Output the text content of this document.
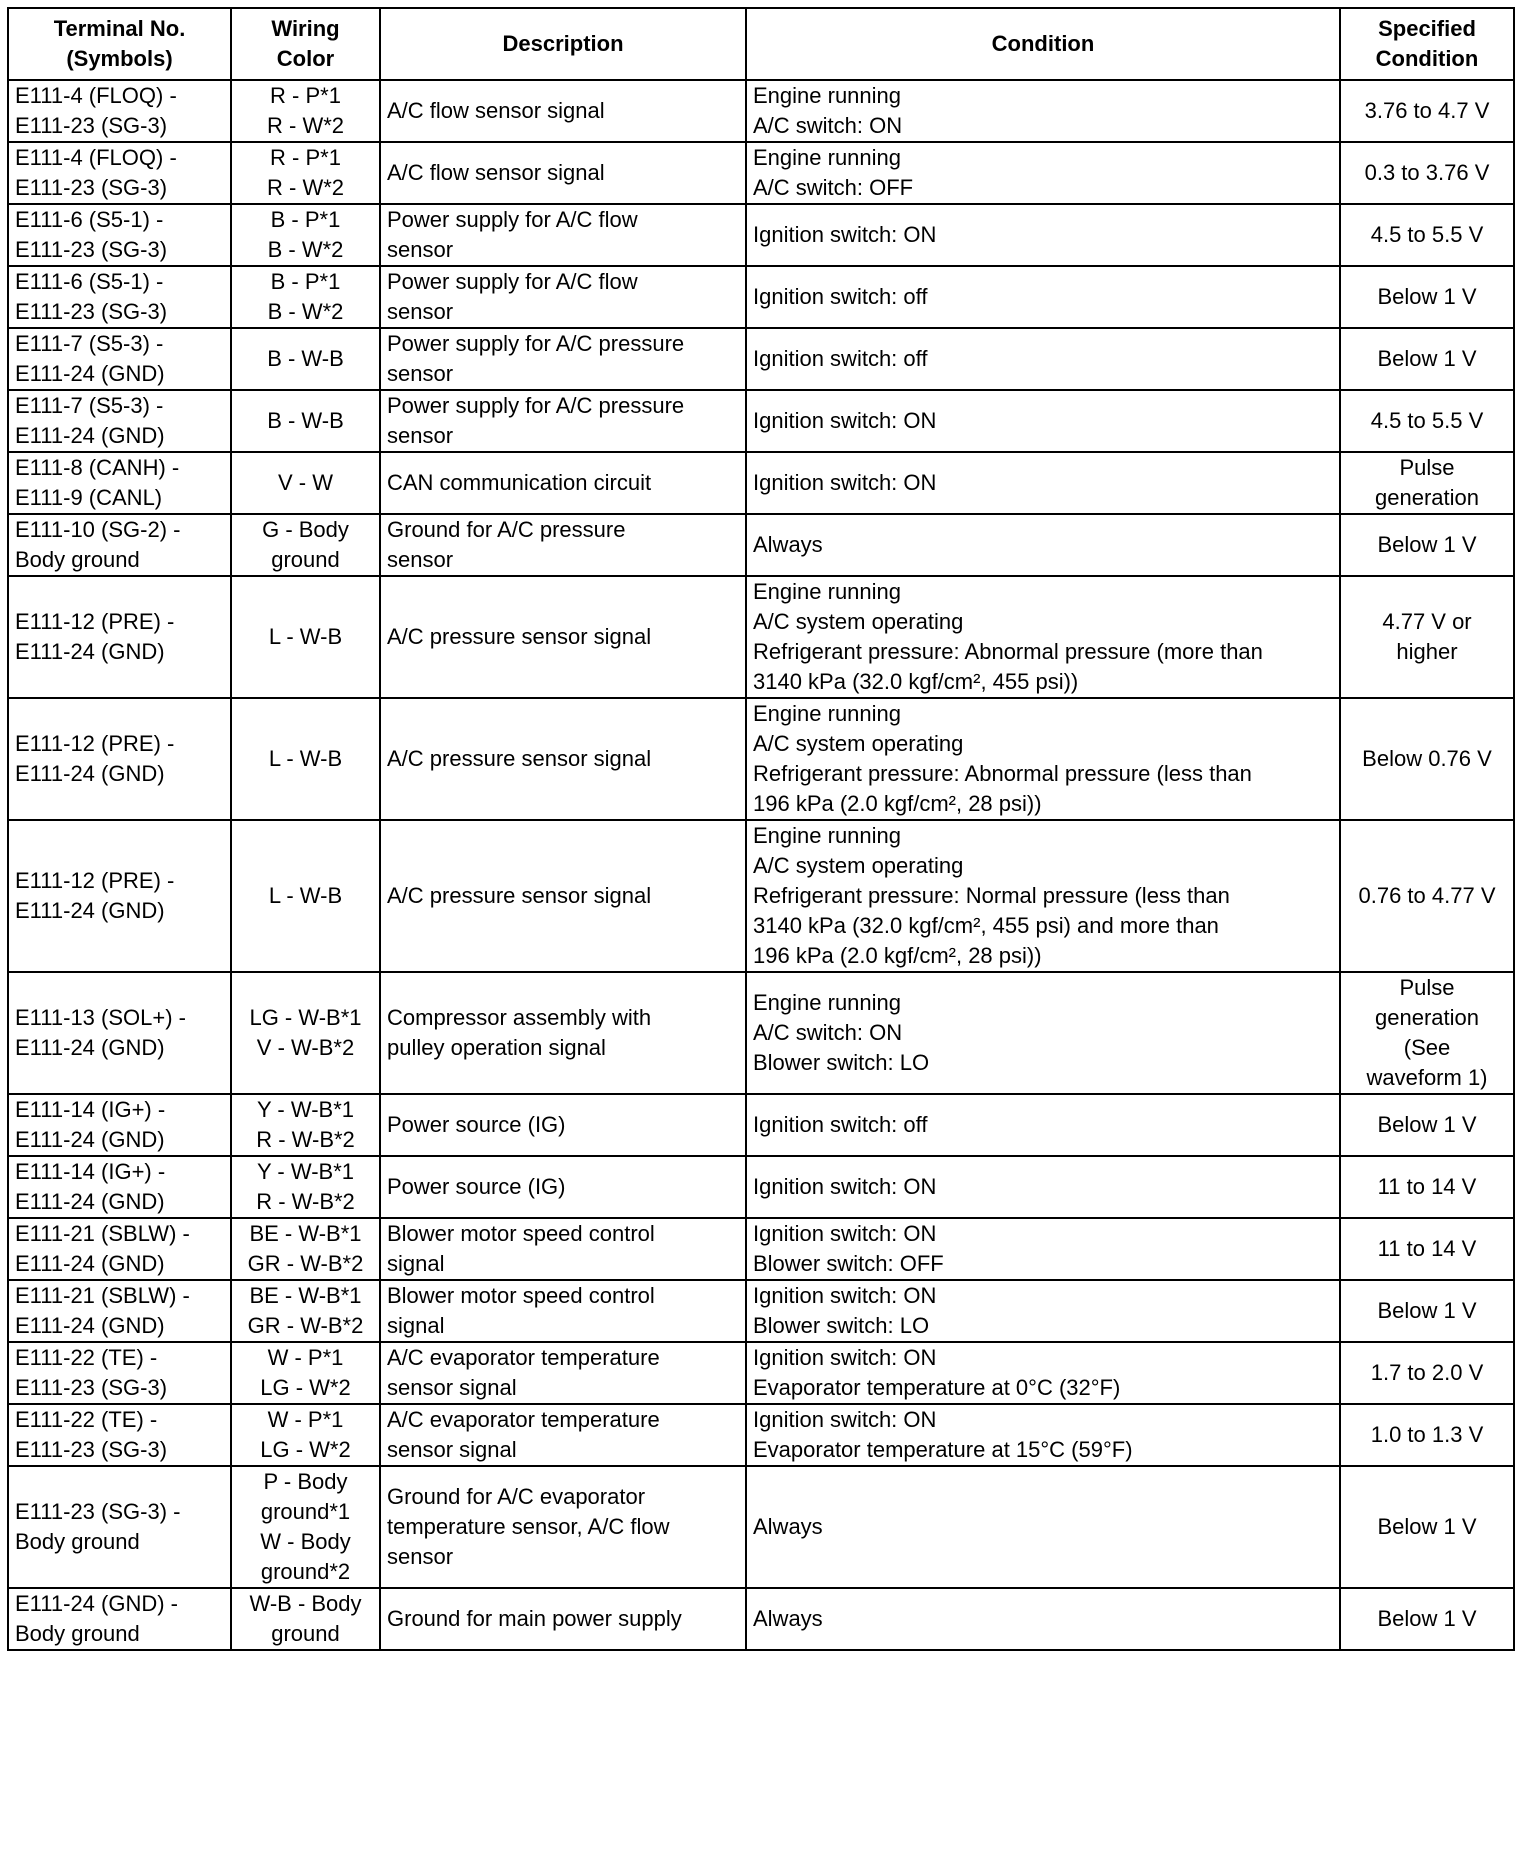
Terminal No.
(Symbols)	Wiring
Color	Description	Condition	Specified
Condition

E111-4 (FLOQ) -
E111-23 (SG-3)	R - P*1
R - W*2	A/C flow sensor signal	Engine running
A/C switch: ON	3.76 to 4.7 V

E111-4 (FLOQ) -
E111-23 (SG-3)	R - P*1
R - W*2	A/C flow sensor signal	Engine running
A/C switch: OFF	0.3 to 3.76 V

E111-6 (S5-1) -
E111-23 (SG-3)	B - P*1
B - W*2	Power supply for A/C flow
sensor	Ignition switch: ON	4.5 to 5.5 V

E111-6 (S5-1) -
E111-23 (SG-3)	B - P*1
B - W*2	Power supply for A/C flow
sensor	Ignition switch: off	Below 1 V

E111-7 (S5-3) -
E111-24 (GND)	B - W-B	Power supply for A/C pressure
sensor	Ignition switch: off	Below 1 V

E111-7 (S5-3) -
E111-24 (GND)	B - W-B	Power supply for A/C pressure
sensor	Ignition switch: ON	4.5 to 5.5 V

E111-8 (CANH) -
E111-9 (CANL)	V - W	CAN communication circuit	Ignition switch: ON	Pulse
generation

E111-10 (SG-2) -
Body ground	G - Body
ground	Ground for A/C pressure
sensor	Always	Below 1 V

E111-12 (PRE) -
E111-24 (GND)	L - W-B	A/C pressure sensor signal	Engine running
A/C system operating
Refrigerant pressure: Abnormal pressure (more than
3140 kPa (32.0 kgf/cm², 455 psi))	4.77 V or
higher

E111-12 (PRE) -
E111-24 (GND)	L - W-B	A/C pressure sensor signal	Engine running
A/C system operating
Refrigerant pressure: Abnormal pressure (less than
196 kPa (2.0 kgf/cm², 28 psi))	Below 0.76 V

E111-12 (PRE) -
E111-24 (GND)	L - W-B	A/C pressure sensor signal	Engine running
A/C system operating
Refrigerant pressure: Normal pressure (less than
3140 kPa (32.0 kgf/cm², 455 psi) and more than
196 kPa (2.0 kgf/cm², 28 psi))	0.76 to 4.77 V

E111-13 (SOL+) -
E111-24 (GND)	LG - W-B*1
V - W-B*2	Compressor assembly with
pulley operation signal	Engine running
A/C switch: ON
Blower switch: LO	Pulse
generation
(See
waveform 1)

E111-14 (IG+) -
E111-24 (GND)	Y - W-B*1
R - W-B*2	Power source (IG)	Ignition switch: off	Below 1 V

E111-14 (IG+) -
E111-24 (GND)	Y - W-B*1
R - W-B*2	Power source (IG)	Ignition switch: ON	11 to 14 V

E111-21 (SBLW) -
E111-24 (GND)	BE - W-B*1
GR - W-B*2	Blower motor speed control
signal	Ignition switch: ON
Blower switch: OFF	11 to 14 V

E111-21 (SBLW) -
E111-24 (GND)	BE - W-B*1
GR - W-B*2	Blower motor speed control
signal	Ignition switch: ON
Blower switch: LO	Below 1 V

E111-22 (TE) -
E111-23 (SG-3)	W - P*1
LG - W*2	A/C evaporator temperature
sensor signal	Ignition switch: ON
Evaporator temperature at 0°C (32°F)	1.7 to 2.0 V

E111-22 (TE) -
E111-23 (SG-3)	W - P*1
LG - W*2	A/C evaporator temperature
sensor signal	Ignition switch: ON
Evaporator temperature at 15°C (59°F)	1.0 to 1.3 V

E111-23 (SG-3) -
Body ground	P - Body
ground*1
W - Body
ground*2	Ground for A/C evaporator
temperature sensor, A/C flow
sensor	Always	Below 1 V

E111-24 (GND) -
Body ground	W-B - Body
ground	Ground for main power supply	Always	Below 1 V
